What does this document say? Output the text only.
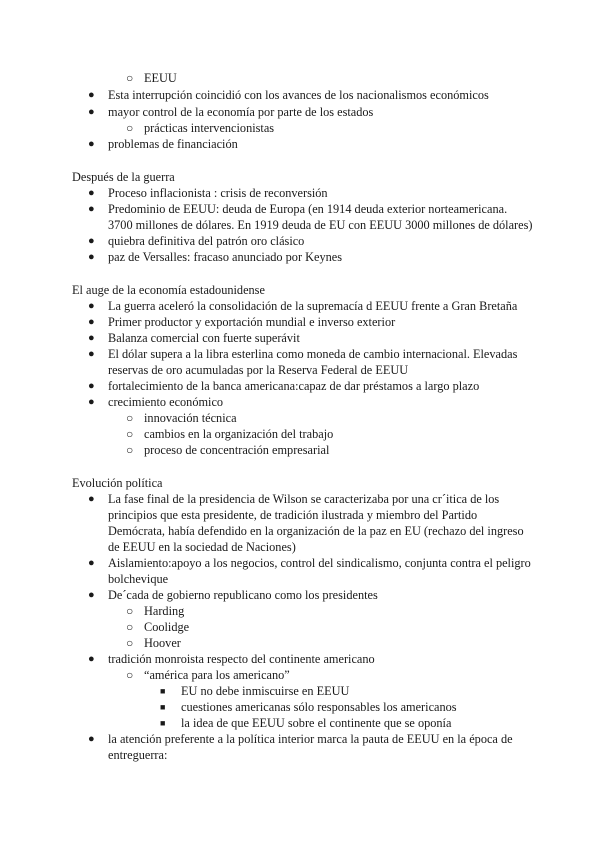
○ EEUU
● Esta interrupción coincidió con los avances de los nacionalismos económicos
● mayor control de la economía por parte de los estados
○ prácticas intervencionistas
● problemas de financiación
Después de la guerra
● Proceso inflacionista : crisis de reconversión
● Predominio de EEUU: deuda de Europa (en 1914 deuda exterior norteamericana.
3700 millones de dólares. En 1919 deuda de EU con EEUU 3000 millones de dólares)
● quiebra definitiva del patrón oro clásico
● paz de Versalles: fracaso anunciado por Keynes
El auge de la economía estadounidense
● La guerra aceleró la consolidación de la supremacía d EEUU frente a Gran Bretaña
● Primer productor y exportación mundial e inverso exterior
● Balanza comercial con fuerte superávit
● El dólar supera a la libra esterlina como moneda de cambio internacional. Elevadas
reservas de oro acumuladas por la Reserva Federal de EEUU
● fortalecimiento de la banca americana:capaz de dar préstamos a largo plazo
● crecimiento económico
○ innovación técnica
○ cambios en la organización del trabajo
○ proceso de concentración empresarial
Evolución política
● La fase final de la presidencia de Wilson se caracterizaba por una cr´itica de los
principios que esta presidente, de tradición ilustrada y miembro del Partido
Demócrata, había defendido en la organización de la paz en EU (rechazo del ingreso
de EEUU en la sociedad de Naciones)
● Aislamiento:apoyo a los negocios, control del sindicalismo, conjunta contra el peligro
bolchevique
● De´cada de gobierno republicano como los presidentes
○ Harding
○ Coolidge
○ Hoover
● tradición monroista respecto del continente americano
○ “américa para los americano”
■ EU no debe inmiscuirse en EEUU
■ cuestiones americanas sólo responsables los americanos
■ la idea de que EEUU sobre el continente que se oponía
● la atención preferente a la política interior marca la pauta de EEUU en la época de
entreguerra:
